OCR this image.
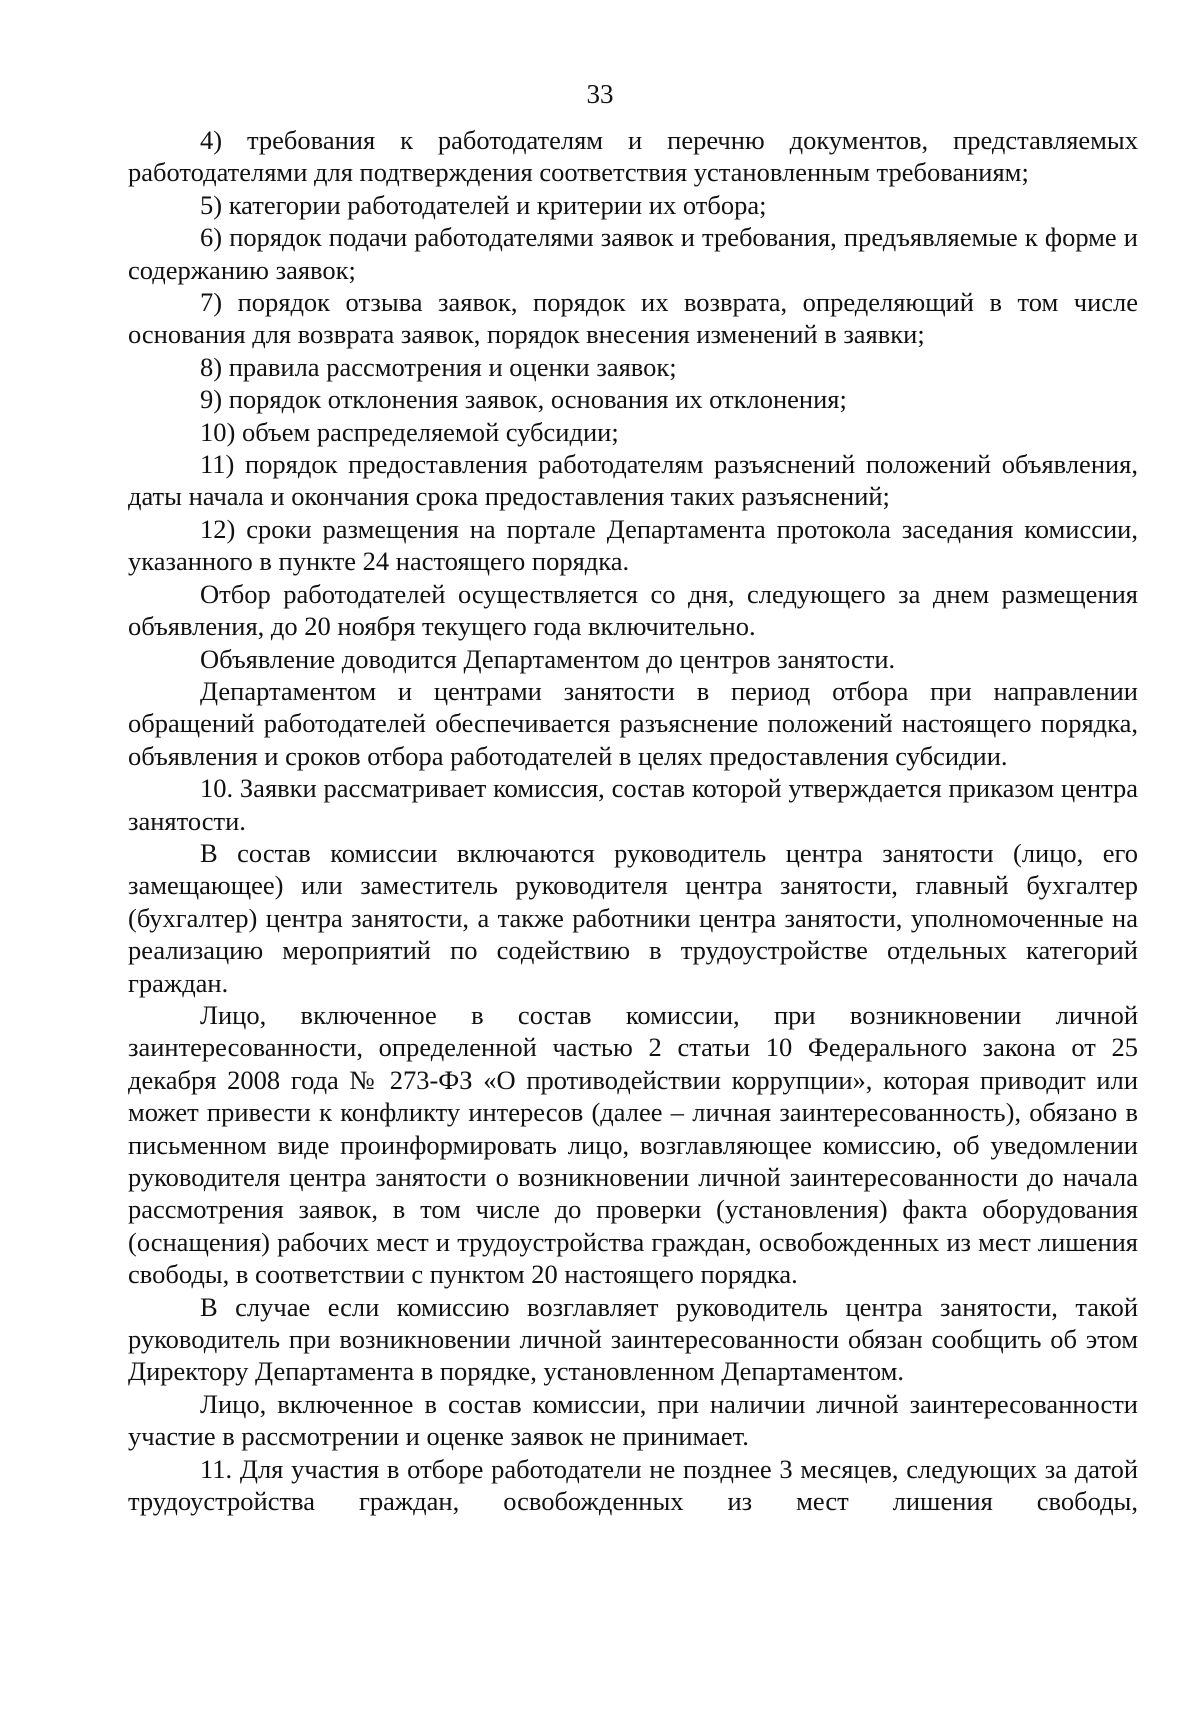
33

4) требования к работодателям и перечню документов, представляемых работодателями для подтверждения соответствия установленным требованиям;

5) категории работодателей и критерии их отбора;

6) порядок подачи работодателями заявок и требования, предъявляемые к форме и содержанию заявок;

7) порядок отзыва заявок, порядок их возврата, определяющий в том числе основания для возврата заявок, порядок внесения изменений в заявки;

8) правила рассмотрения и оценки заявок;

9) порядок отклонения заявок, основания их отклонения;

10) объем распределяемой субсидии;

11) порядок предоставления работодателям разъяснений положений объявления, даты начала и окончания срока предоставления таких разъяснений;

12) сроки размещения на портале Департамента протокола заседания комиссии, указанного в пункте 24 настоящего порядка.

Отбор работодателей осуществляется со дня, следующего за днем размещения объявления, до 20 ноября текущего года включительно.

Объявление доводится Департаментом до центров занятости.

Департаментом и центрами занятости в период отбора при направлении обращений работодателей обеспечивается разъяснение положений настоящего порядка, объявления и сроков отбора работодателей в целях предоставления субсидии.

10. Заявки рассматривает комиссия, состав которой утверждается приказом центра занятости.

В состав комиссии включаются руководитель центра занятости (лицо, его замещающее) или заместитель руководителя центра занятости, главный бухгалтер (бухгалтер) центра занятости, а также работники центра занятости, уполномоченные на реализацию мероприятий по содействию в трудоустройстве отдельных категорий граждан.

Лицо, включенное в состав комиссии, при возникновении личной заинтересованности, определенной частью 2 статьи 10 Федерального закона от 25 декабря 2008 года № 273-ФЗ «О противодействии коррупции», которая приводит или может привести к конфликту интересов (далее – личная заинтересованность), обязано в письменном виде проинформировать лицо, возглавляющее комиссию, об уведомлении руководителя центра занятости о возникновении личной заинтересованности до начала рассмотрения заявок, в том числе до проверки (установления) факта оборудования (оснащения) рабочих мест и трудоустройства граждан, освобожденных из мест лишения свободы, в соответствии с пунктом 20 настоящего порядка.

В случае если комиссию возглавляет руководитель центра занятости, такой руководитель при возникновении личной заинтересованности обязан сообщить об этом Директору Департамента в порядке, установленном Департаментом.

Лицо, включенное в состав комиссии, при наличии личной заинтересованности участие в рассмотрении и оценке заявок не принимает.

11. Для участия в отборе работодатели не позднее 3 месяцев, следующих за датой трудоустройства граждан, освобожденных из мест лишения свободы,
